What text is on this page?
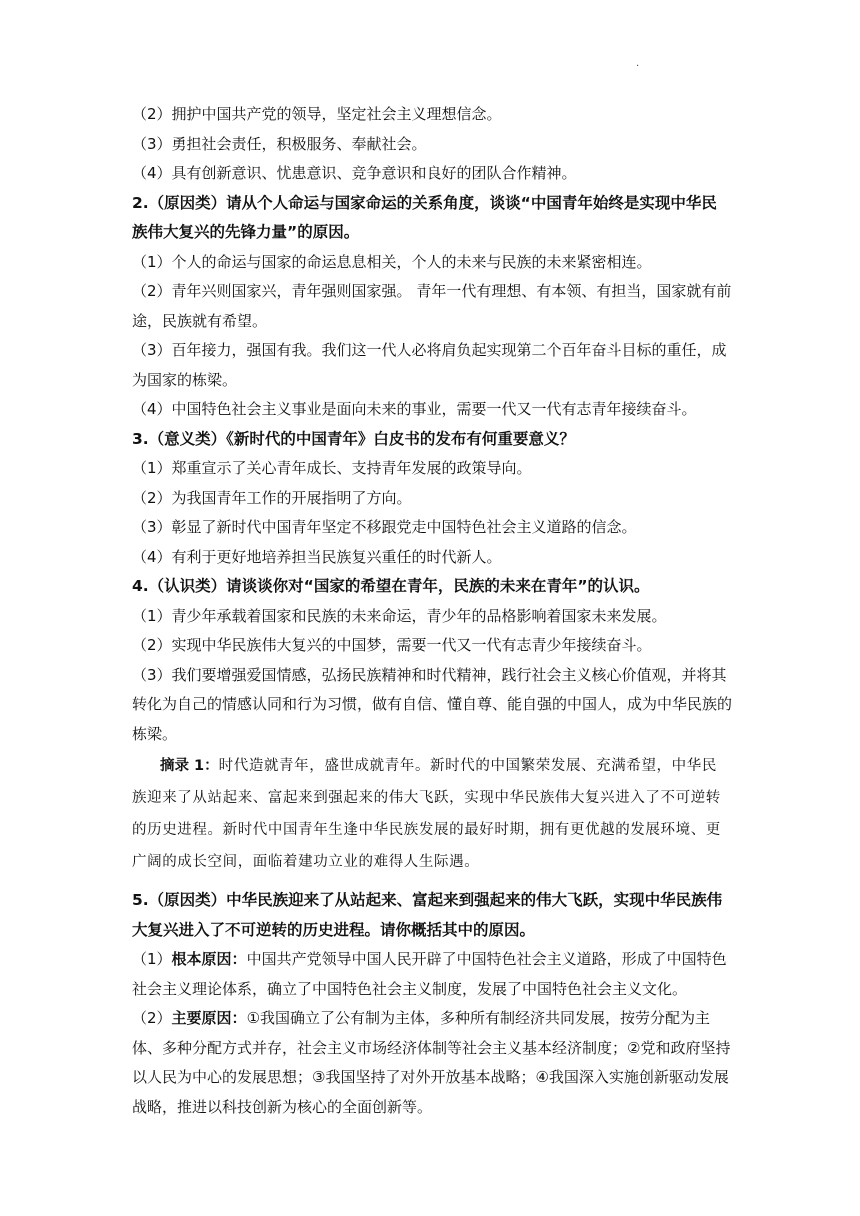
.
（2）拥护中国共产党的领导，坚定社会主义理想信念。
（3）勇担社会责任，积极服务、奉献社会。
（4）具有创新意识、忧患意识、竞争意识和良好的团队合作精神。
2.（原因类）请从个人命运与国家命运的关系角度，谈谈“中国青年始终是实现中华民族伟大复兴的先锋力量”的原因。
（1）个人的命运与国家的命运息息相关，个人的未来与民族的未来紧密相连。
（2）青年兴则国家兴，青年强则国家强。 青年一代有理想、有本领、有担当，国家就有前途，民族就有希望。
（3）百年接力，强国有我。我们这一代人必将肩负起实现第二个百年奋斗目标的重任，成为国家的栋梁。
（4）中国特色社会主义事业是面向未来的事业，需要一代又一代有志青年接续奋斗。
3.（意义类）《新时代的中国青年》白皮书的发布有何重要意义？
（1）郑重宣示了关心青年成长、支持青年发展的政策导向。
（2）为我国青年工作的开展指明了方向。
（3）彰显了新时代中国青年坚定不移跟党走中国特色社会主义道路的信念。
（4）有利于更好地培养担当民族复兴重任的时代新人。
4.（认识类）请谈谈你对“国家的希望在青年，民族的未来在青年”的认识。
（1）青少年承载着国家和民族的未来命运，青少年的品格影响着国家未来发展。
（2）实现中华民族伟大复兴的中国梦，需要一代又一代有志青少年接续奋斗。
（3）我们要增强爱国情感，弘扬民族精神和时代精神，践行社会主义核心价值观，并将其转化为自己的情感认同和行为习惯，做有自信、懂自尊、能自强的中国人，成为中华民族的栋梁。
摘录 1：时代造就青年，盛世成就青年。新时代的中国繁荣发展、充满希望，中华民族迎来了从站起来、富起来到强起来的伟大飞跃，实现中华民族伟大复兴进入了不可逆转的历史进程。新时代中国青年生逢中华民族发展的最好时期，拥有更优越的发展环境、更广阔的成长空间，面临着建功立业的难得人生际遇。
5.（原因类）中华民族迎来了从站起来、富起来到强起来的伟大飞跃，实现中华民族伟大复兴进入了不可逆转的历史进程。请你概括其中的原因。
（1）根本原因：中国共产党领导中国人民开辟了中国特色社会主义道路，形成了中国特色社会主义理论体系，确立了中国特色社会主义制度，发展了中国特色社会主义文化。
（2）主要原因：①我国确立了公有制为主体，多种所有制经济共同发展，按劳分配为主体、多种分配方式并存，社会主义市场经济体制等社会主义基本经济制度；②党和政府坚持以人民为中心的发展思想；③我国坚持了对外开放基本战略；④我国深入实施创新驱动发展战略，推进以科技创新为核心的全面创新等。
